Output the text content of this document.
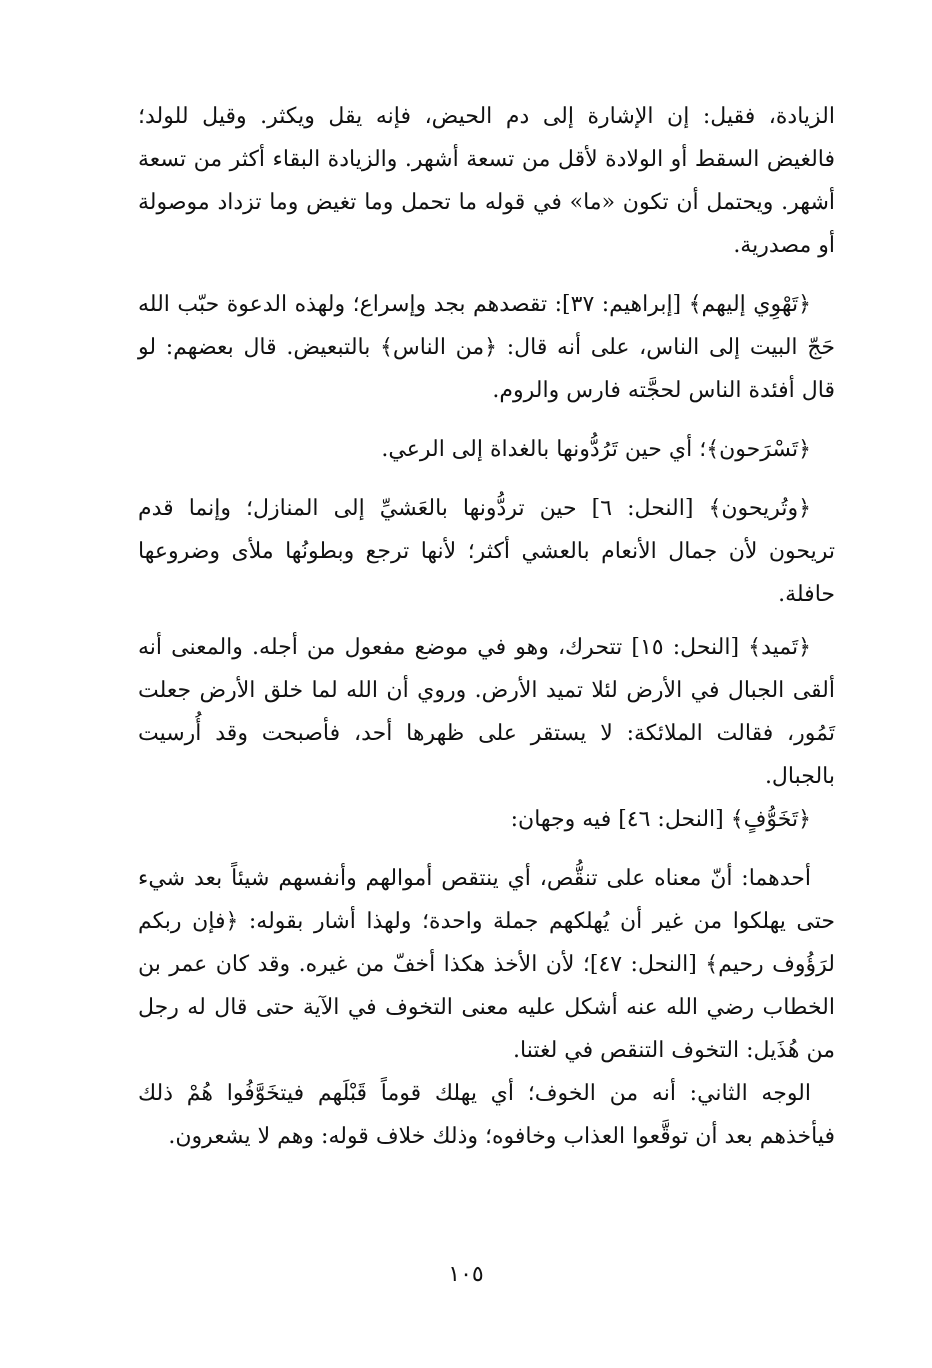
الزيادة، فقيل: إن الإشارة إلى دم الحيض، فإنه يقل ويكثر. وقيل للولد؛ فالغيض السقط أو الولادة لأقل من تسعة أشهر. والزيادة البقاء أكثر من تسعة أشهر. ويحتمل أن تكون «ما» في قوله ما تحمل وما تغيض وما تزداد موصولة أو مصدرية.

﴿تَهْوِي إليهم﴾ [إبراهيم: ٣٧]: تقصدهم بجد وإسراع؛ ولهذه الدعوة حبّب الله حَجّ البيت إلى الناس، على أنه قال: ﴿من الناس﴾ بالتبعيض. قال بعضهم: لو قال أفئدة الناس لحجَّته فارس والروم.

﴿تَسْرَحون﴾؛ أي حين تَرُدُّونها بالغداة إلى الرعي.

﴿وتُريحون﴾ [النحل: ٦] حين تردُّونها بالعَشيِّ إلى المنازل؛ وإنما قدم تريحون لأن جمال الأنعام بالعشي أكثر؛ لأنها ترجع وبطونُها ملأى وضروعها حافلة.

﴿تَميد﴾ [النحل: ١٥] تتحرك، وهو في موضع مفعول من أجله. والمعنى أنه ألقى الجبال في الأرض لئلا تميد الأرض. وروي أن الله لما خلق الأرض جعلت تَمُور، فقالت الملائكة: لا يستقر على ظهرها أحد، فأصبحت وقد أُرسيت بالجبال.

﴿تَخَوُّفٍ﴾ [النحل: ٤٦] فيه وجهان:

أحدهما: أنّ معناه على تنقُّص، أي ينتقص أموالهم وأنفسهم شيئاً بعد شيء حتى يهلكوا من غير أن يُهلكهم جملة واحدة؛ ولهذا أشار بقوله: ﴿فإن ربكم لرَؤُوف رحيم﴾ [النحل: ٤٧]؛ لأن الأخذ هكذا أخفّ من غيره. وقد كان عمر بن الخطاب رضي الله عنه أشكل عليه معنى التخوف في الآية حتى قال له رجل من هُذَيل: التخوف التنقص في لغتنا.

الوجه الثاني: أنه من الخوف؛ أي يهلك قوماً قَبْلَهم فيتخَوَّفُوا هُمْ ذلك فيأخذهم بعد أن توقَّعوا العذاب وخافوه؛ وذلك خلاف قوله: وهم لا يشعرون.

١٠٥
